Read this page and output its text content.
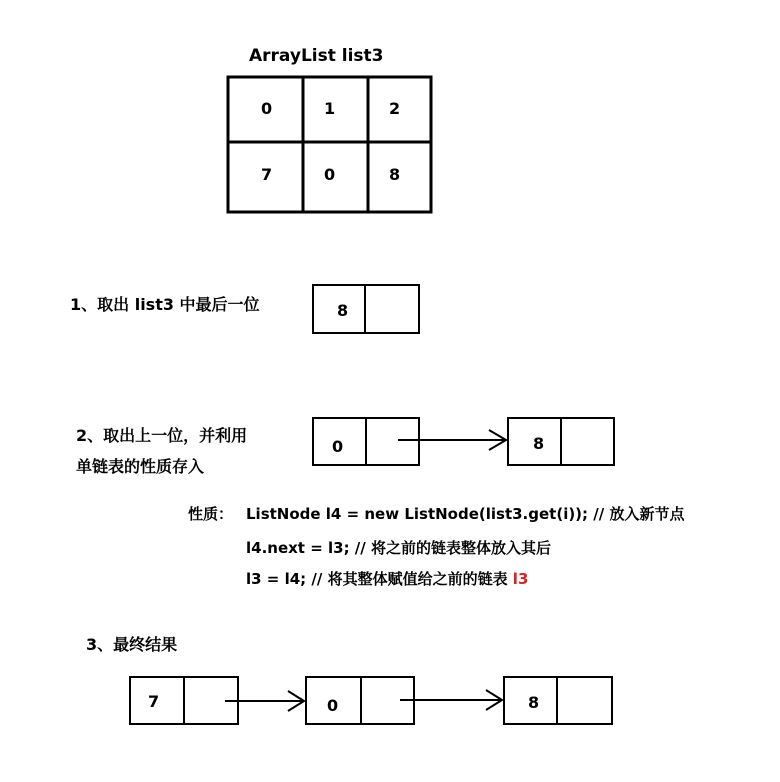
ArrayList list3
0	1	2
7	0	8
1、取出 list3 中最后一位	8
2、取出上一位，并利用
单链表的性质存入
0	8
性质： ListNode l4 = new ListNode(list3.get(i)); // 放入新节点
l4.next = l3; // 将之前的链表整体放入其后
l3 = l4; // 将其整体赋值给之前的链表 l3
3、最终结果
7	0	8
